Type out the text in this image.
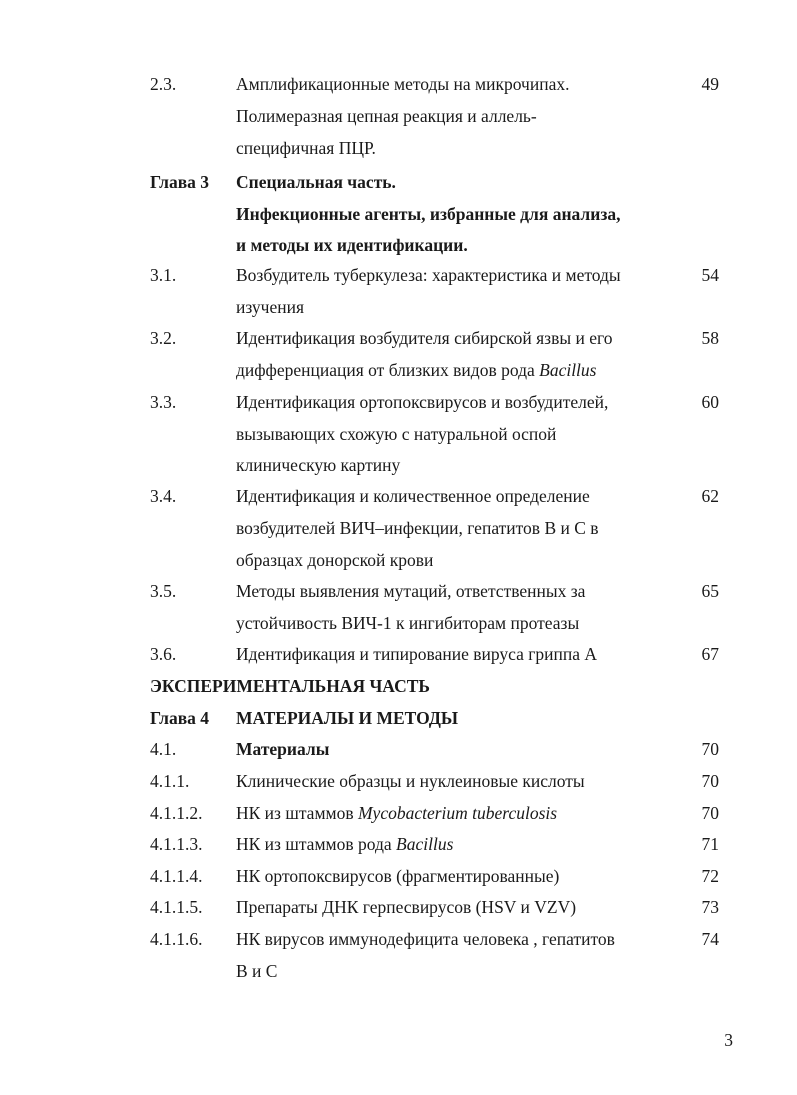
2.3.	Амплификационные методы на микрочипах.	49
Полимеразная цепная реакция и аллель-
специфичная ПЦР.
Глава 3 Специальная часть.
Инфекционные агенты, избранные для анализа,
и методы их идентификации.
3.1.	Возбудитель туберкулеза: характеристика и методы	54
изучения
3.2.	Идентификация возбудителя сибирской язвы и его	58
дифференциация от близких видов рода Bacillus
3.3.	Идентификация ортопоксвирусов и возбудителей,	60
вызывающих схожую с натуральной оспой
клиническую картину
3.4.	Идентификация и количественное определение	62
возбудителей ВИЧ–инфекции, гепатитов В и С в
образцах донорской крови
3.5.	Методы выявления мутаций, ответственных за	65
устойчивость ВИЧ-1 к ингибиторам протеазы
3.6.	Идентификация и типирование вируса гриппа А	67
ЭКСПЕРИМЕНТАЛЬНАЯ ЧАСТЬ
Глава 4 МАТЕРИАЛЫ И МЕТОДЫ
4.1.	Материалы	70
4.1.1.	Клинические образцы и нуклеиновые кислоты	70
4.1.1.2. НК из штаммов Mycobacterium tuberculosis	70
4.1.1.3. НК из штаммов рода Bacillus	71
4.1.1.4. НК ортопоксвирусов (фрагментированные)	72
4.1.1.5. Препараты ДНК герпесвирусов (HSV и VZV)	73
4.1.1.6. НК вирусов иммунодефицита человека , гепатитов	74
В и С
3
